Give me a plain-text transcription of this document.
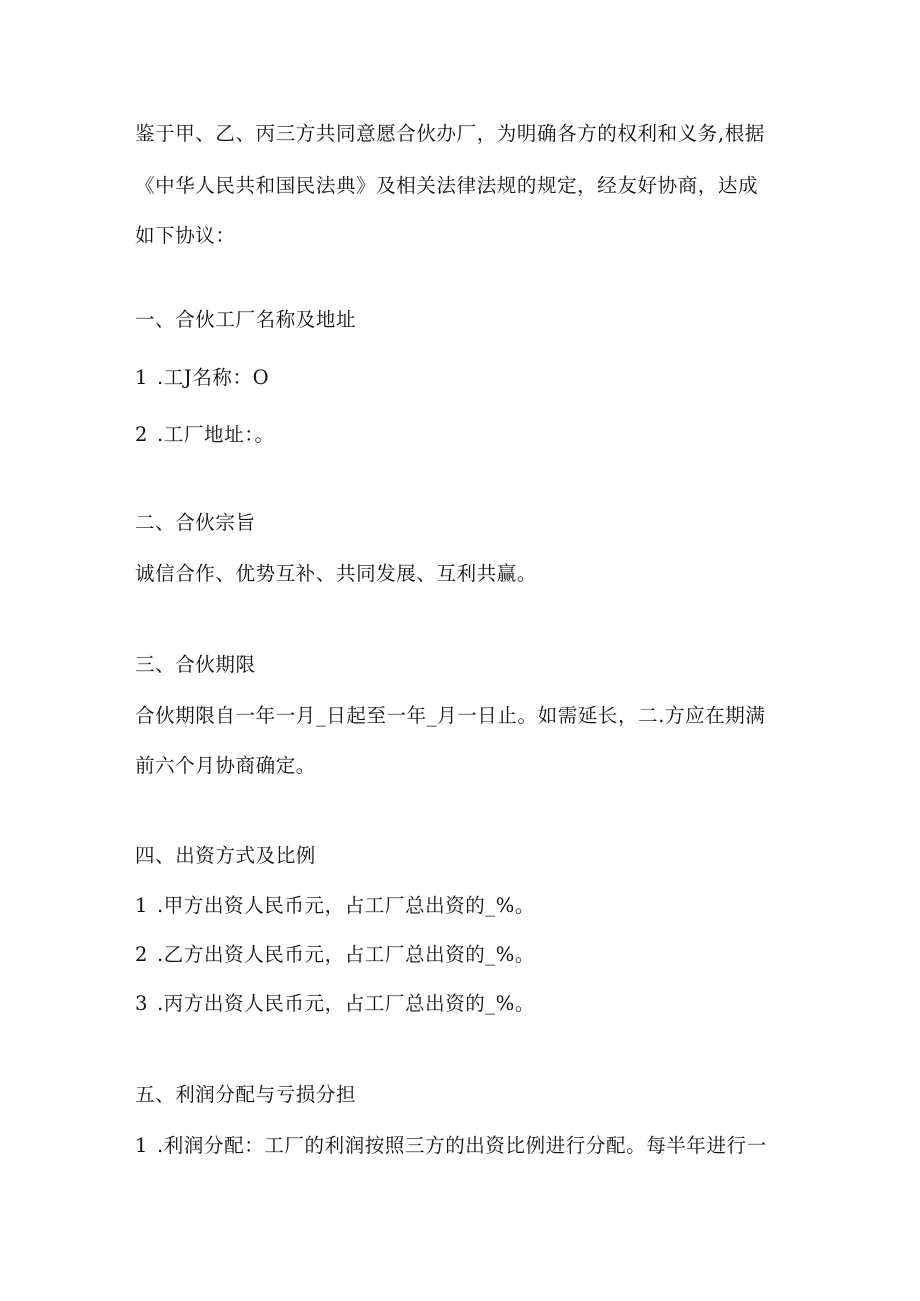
鉴于甲、乙、丙三方共同意愿合伙办厂，为明确各方的权利和义务,根据
《中华人民共和国民法典》及相关法律法规的规定，经友好协商，达成
如下协议：
一、合伙工厂名称及地址
1 .工J名称：O
2 .工厂地址：。
二、合伙宗旨
诚信合作、优势互补、共同发展、互利共赢。
三、合伙期限
合伙期限自一年一月_日起至一年_月一日止。如需延长，二.方应在期满
前六个月协商确定。
四、出资方式及比例
1 .甲方出资人民币元，占工厂总出资的_%。
2 .乙方出资人民币元，占工厂总出资的_%。
3 .丙方出资人民币元，占工厂总出资的_%。
五、利润分配与亏损分担
1 .利润分配：工厂的利润按照三方的出资比例进行分配。每半年进行一
